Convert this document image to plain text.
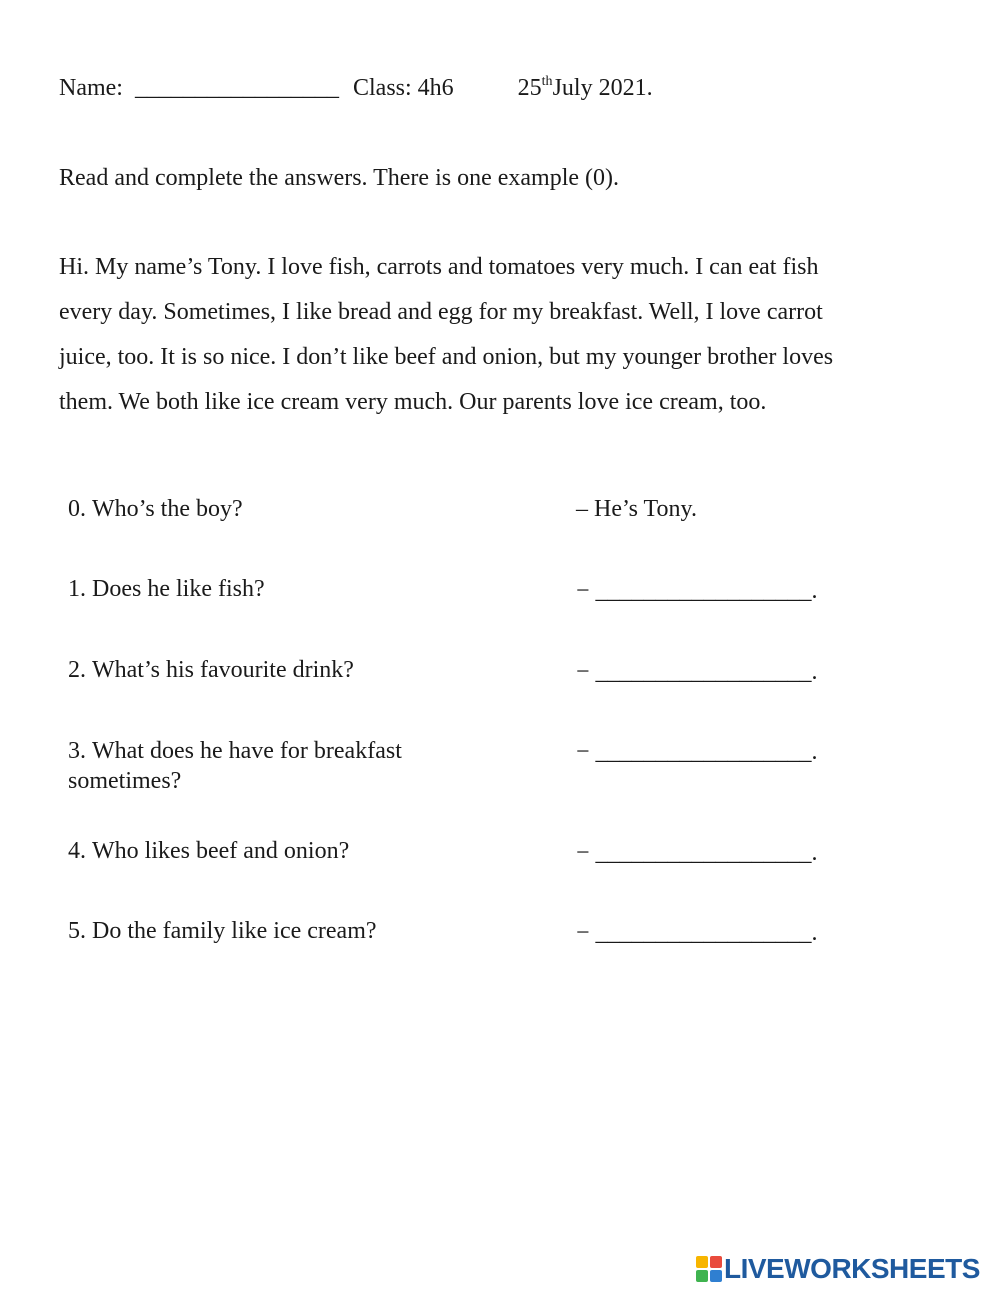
Name: _________________ Class: 4h6	25thJuly 2021.
Read and complete the answers. There is one example (0).
Hi. My name’s Tony. I love fish, carrots and tomatoes very much. I can eat fish
every day. Sometimes, I like bread and egg for my breakfast. Well, I love carrot
juice, too. It is so nice. I don’t like beef and onion, but my younger brother loves
them. We both like ice cream very much. Our parents love ice cream, too.
0. Who’s the boy?	– He’s Tony.
1. Does he like fish?	− __________________.
2. What’s his favourite drink?	− __________________.
3. What does he have for breakfast sometimes?
− __________________.
4. Who likes beef and onion?	− __________________.
5. Do the family like ice cream?	− __________________.
LIVEWORKSHEETS
